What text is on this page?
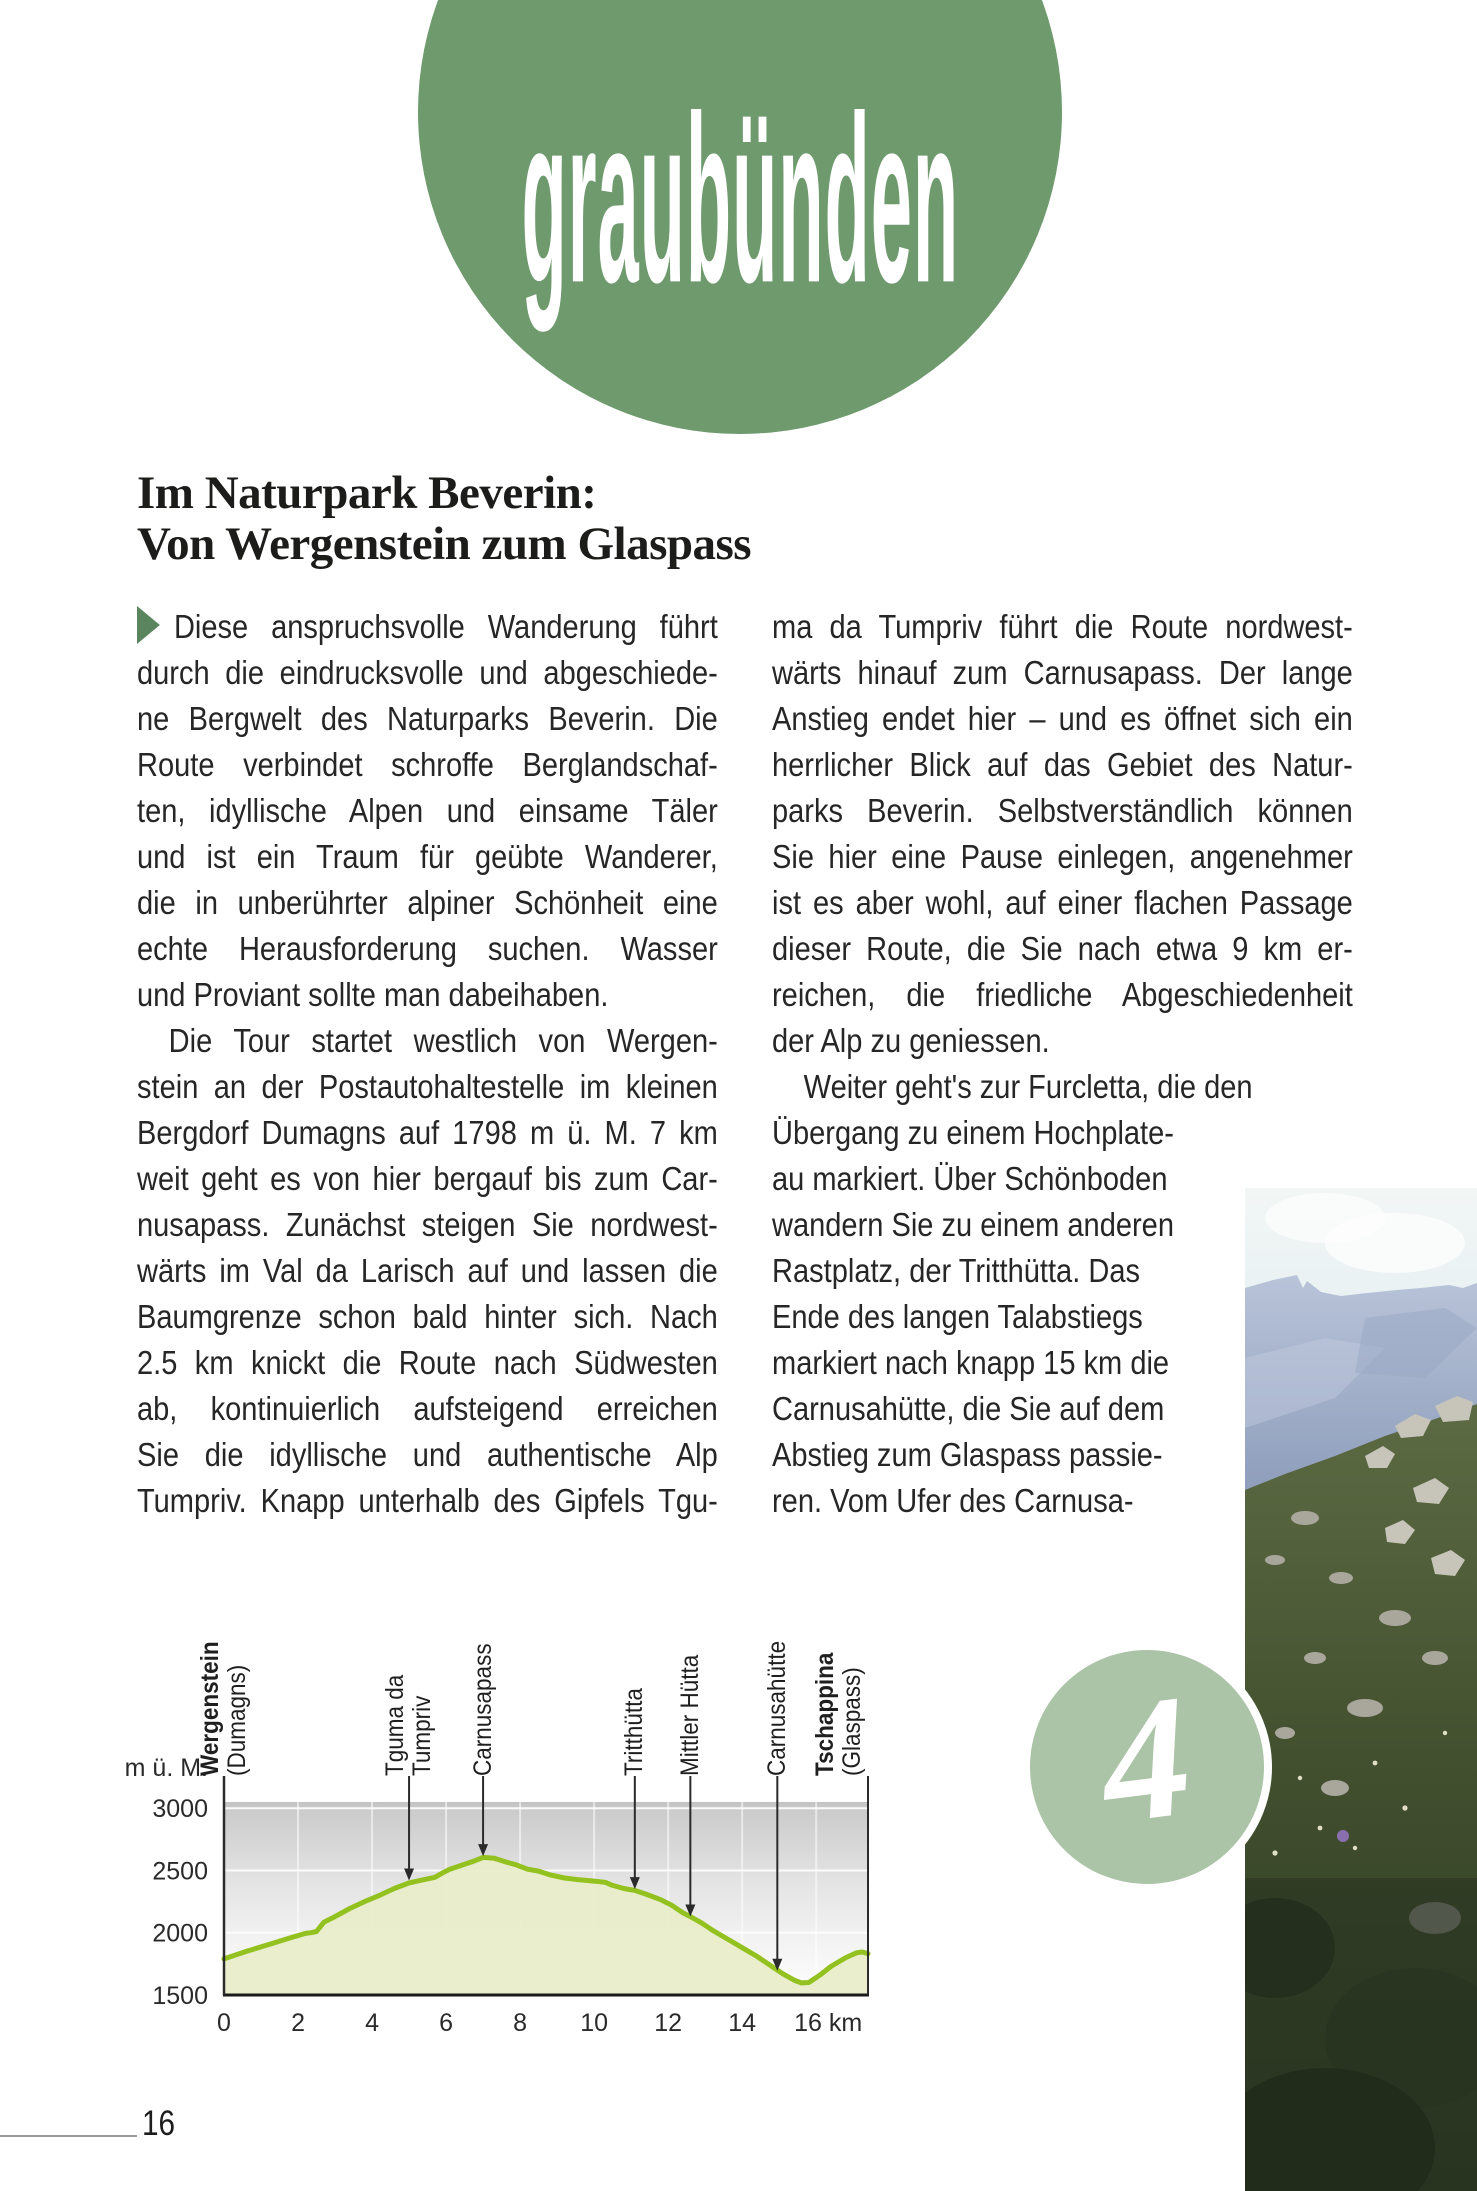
graubünden
Im Naturpark Beverin:
Von Wergenstein zum Glaspass
Diese anspruchsvolle Wanderung führt
durch die eindrucksvolle und abgeschiede-
ne Bergwelt des Naturparks Beverin. Die
Route verbindet schroffe Berglandschaf-
ten, idyllische Alpen und einsame Täler
und ist ein Traum für geübte Wanderer,
die in unberührter alpiner Schönheit eine
echte Herausforderung suchen. Wasser
und Proviant sollte man dabeihaben.
Die Tour startet westlich von Wergen-
stein an der Postautohaltestelle im kleinen
Bergdorf Dumagns auf 1798 m ü. M. 7 km
weit geht es von hier bergauf bis zum Car-
nusapass. Zunächst steigen Sie nordwest-
wärts im Val da Larisch auf und lassen die
Baumgrenze schon bald hinter sich. Nach
2.5 km knickt die Route nach Südwesten
ab, kontinuierlich aufsteigend erreichen
Sie die idyllische und authentische Alp
Tumpriv. Knapp unterhalb des Gipfels Tgu-
ma da Tumpriv führt die Route nordwest-
wärts hinauf zum Carnusapass. Der lange
Anstieg endet hier – und es öffnet sich ein
herrlicher Blick auf das Gebiet des Natur-
parks Beverin. Selbstverständlich können
Sie hier eine Pause einlegen, angenehmer
ist es aber wohl, auf einer flachen Passage
dieser Route, die Sie nach etwa 9 km er-
reichen, die friedliche Abgeschiedenheit
der Alp zu geniessen.
Weiter geht's zur Furcletta, die den
Übergang zu einem Hochplate-
au markiert. Über Schönboden
wandern Sie zu einem anderen
Rastplatz, der Tritthütta. Das
Ende des langen Talabstiegs
markiert nach knapp 15 km die
Carnusahütte, die Sie auf dem
Abstieg zum Glaspass passie-
ren. Vom Ufer des Carnusa-
4
1500
2000
2500
3000
0 2 4 6 8 10 12 14 16 km
m ü. M.
Wergenstein (Dumagns)	Tguma da Tumpriv Carnusapass	Tritthütta Mittler Hütta Carnusahütte Tschappina (Glaspass)
16
